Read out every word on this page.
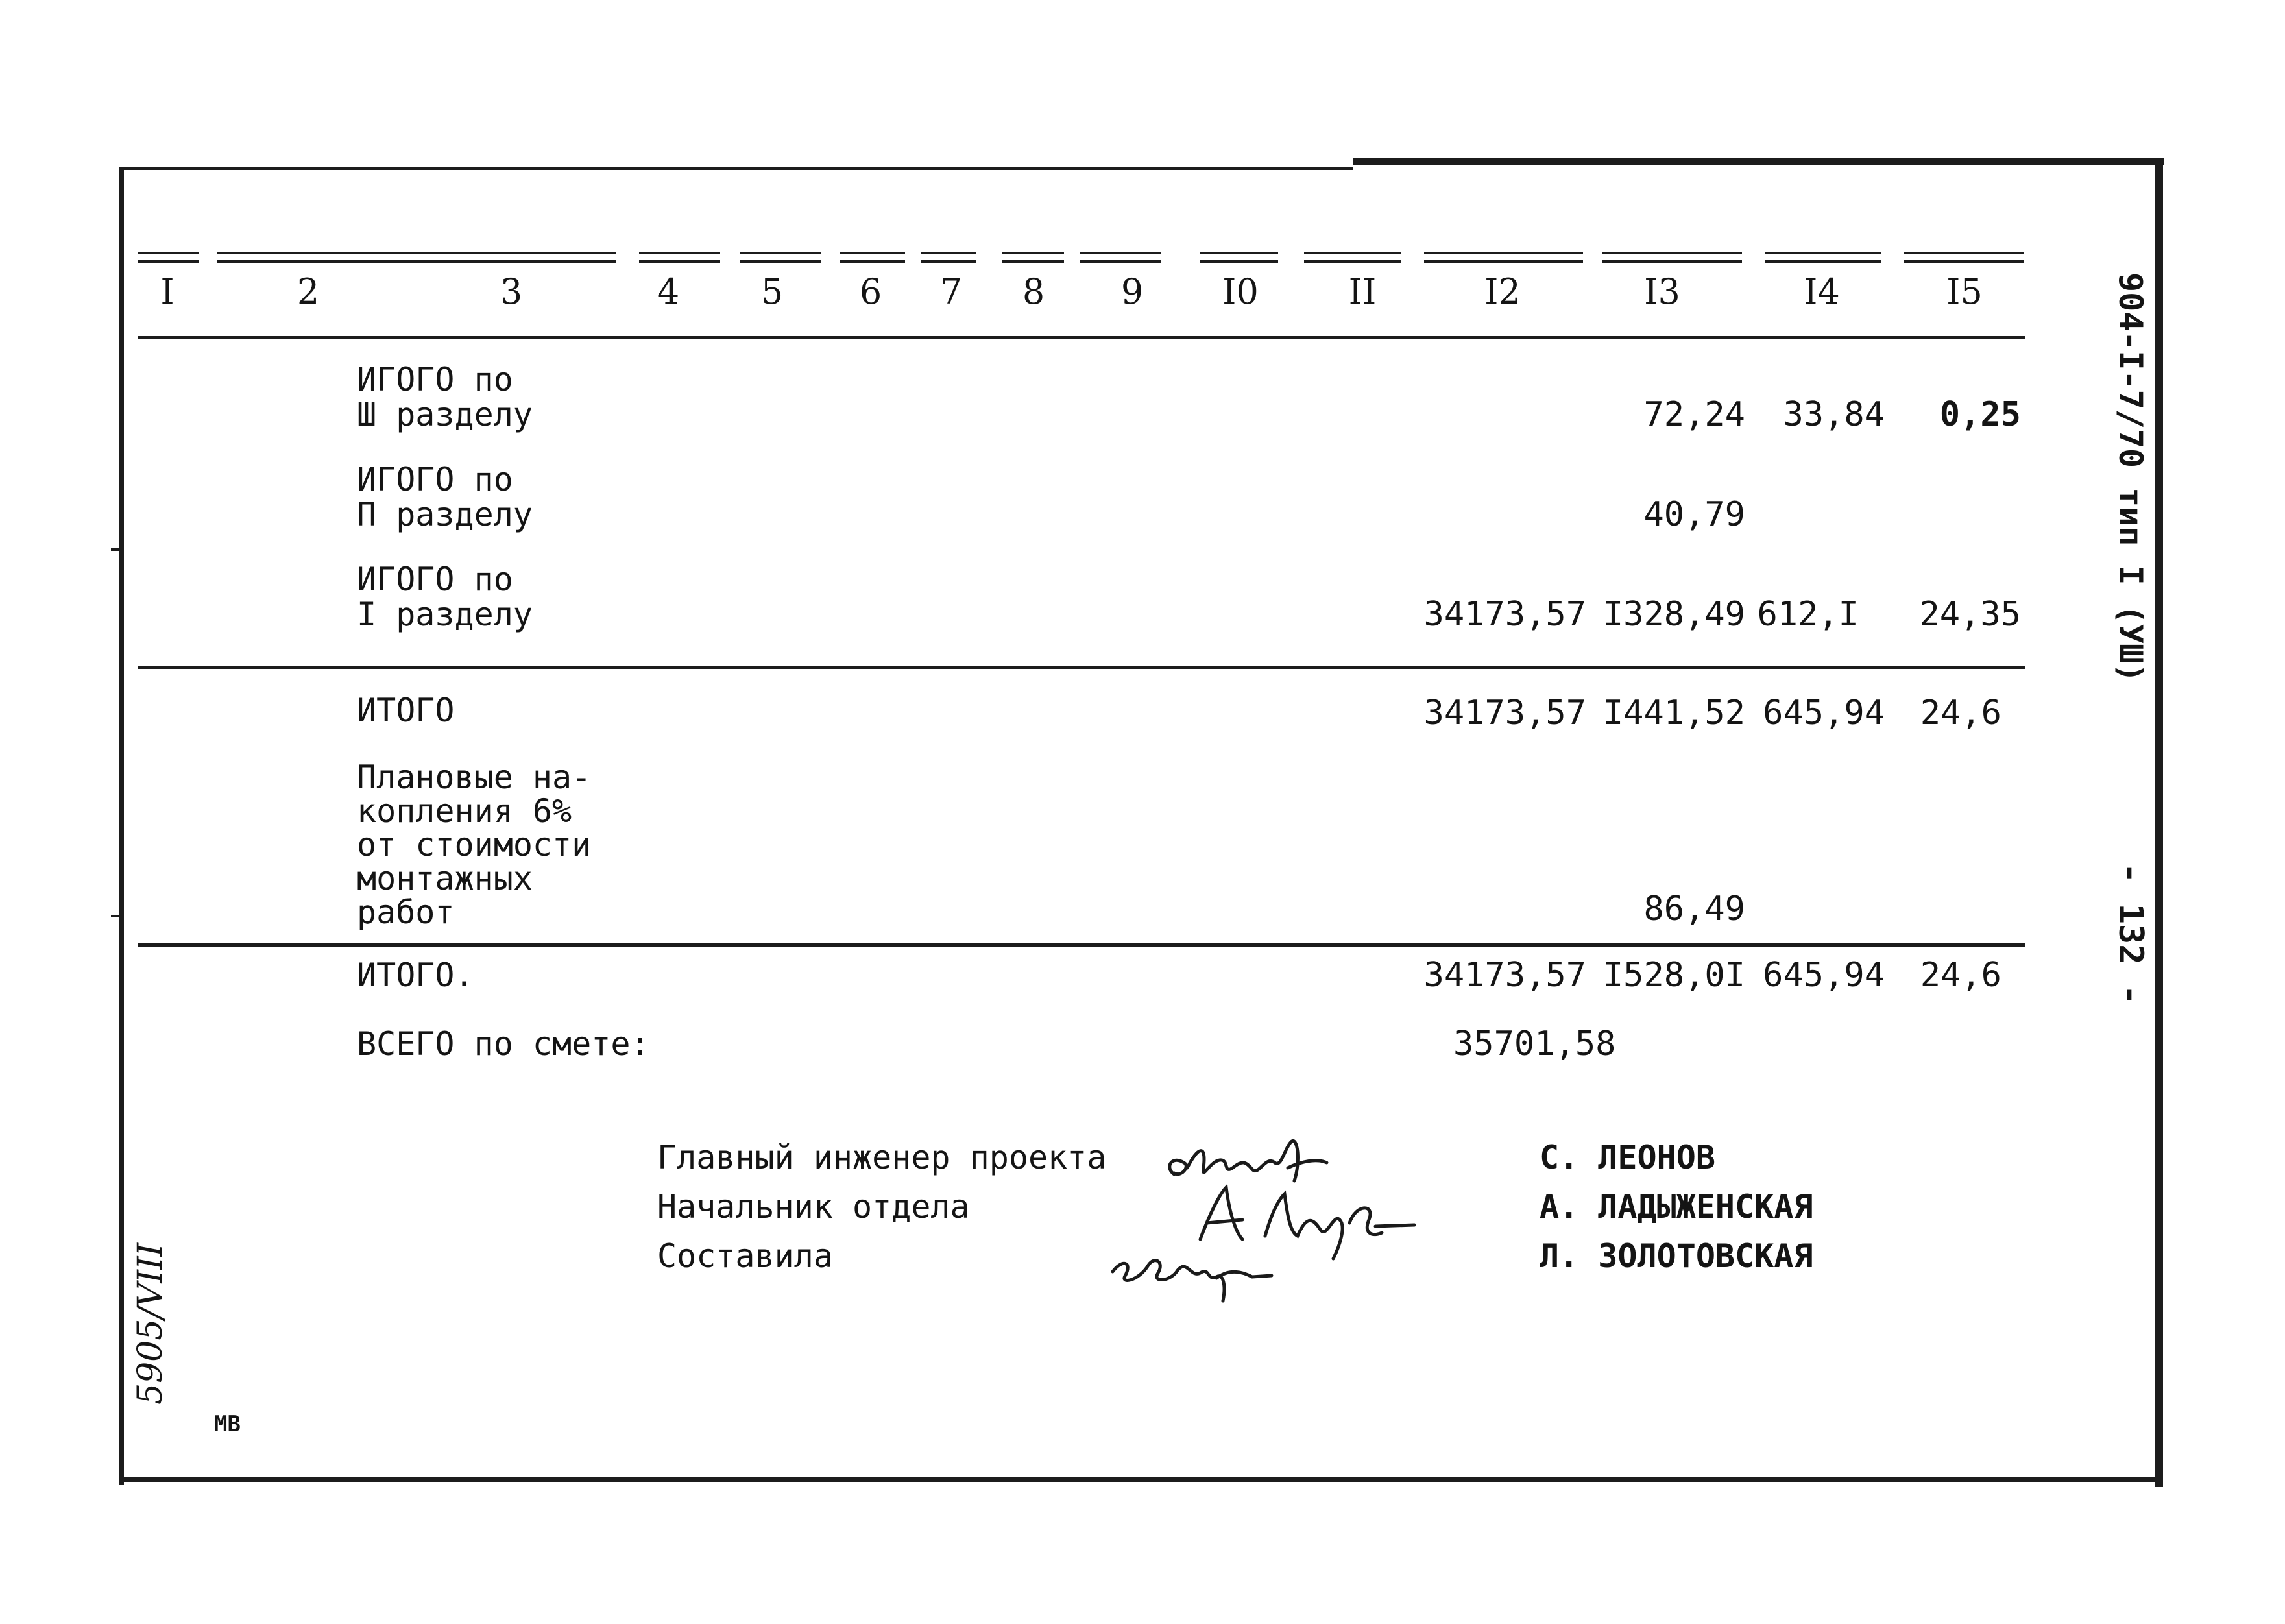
I	2	3	4	5	6	7	8	9	I0	II	I2	I3	I4	I5
ИГОГО по
Ш разделу	72,24	33,84	0,25
ИГОГО по
П разделу	40,79
ИГОГО по
I разделу	34173,57 I328,49 612,I	24,35
ИТОГО	34173,57 I441,52 645,94	24,6
Плановые на-
копления 6%
от стоимости
монтажных
работ	86,49
ИТОГО.	34173,57 I528,0I 645,94	24,6
ВСЕГО по смете:	35701,58
Главный инженер проекта
Начальник отдела
Составила
С. ЛЕОНОВ
А. ЛАДЫЖЕНСКАЯ
Л. ЗОЛОТОВСКАЯ
904-I-7/70 тип I (УШ)
- 132 -
5905/VIII
МВ
